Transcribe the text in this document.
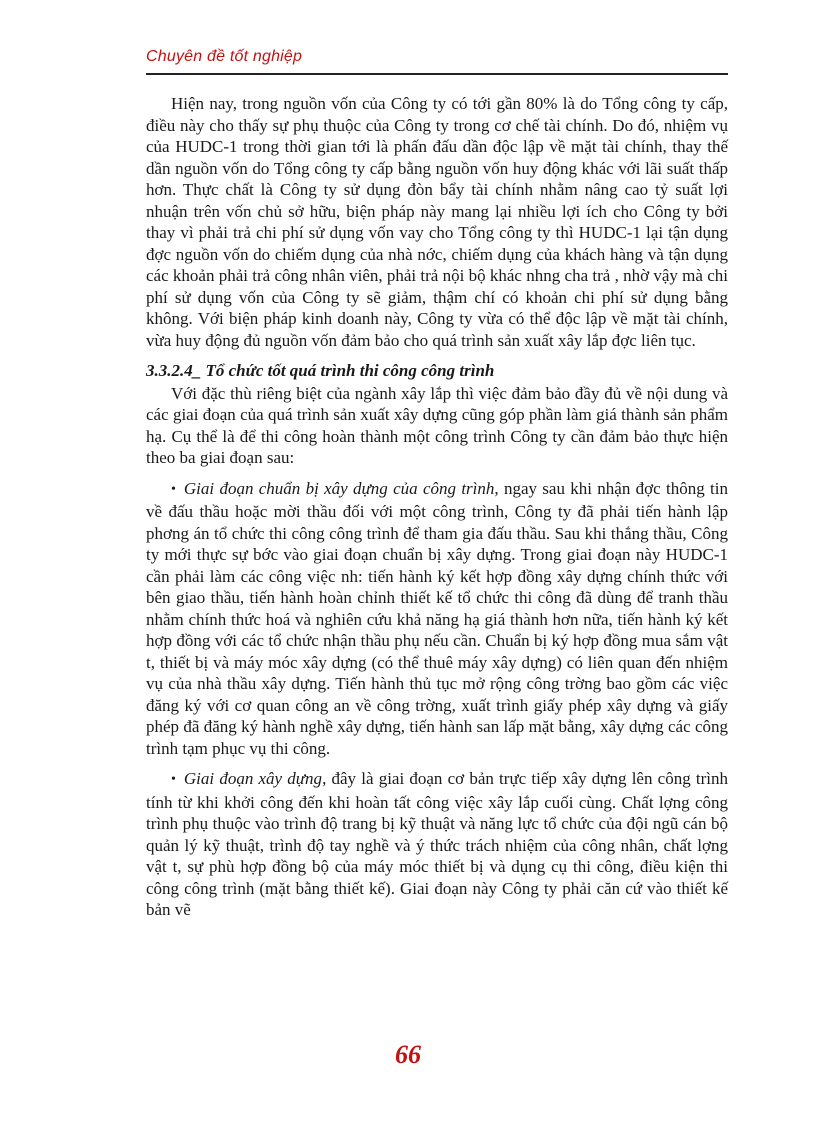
Chuyên đề tốt nghiệp

Hiện nay, trong nguồn vốn của Công ty có tới gần 80% là do Tổng công ty cấp, điều này cho thấy sự phụ thuộc của Công ty trong cơ chế tài chính. Do đó, nhiệm vụ của HUDC-1 trong thời gian tới là phấn đấu dần độc lập về mặt tài chính, thay thế dần nguồn vốn do Tổng công ty cấp bằng nguồn vốn huy động khác với lãi suất thấp hơn. Thực chất là Công ty sử dụng đòn bẩy tài chính nhằm nâng cao tỷ suất lợi nhuận trên vốn chủ sở hữu, biện pháp này mang lại nhiều lợi ích cho Công ty bởi thay vì phải trả chi phí sử dụng vốn vay cho Tổng công ty thì HUDC-1 lại tận dụng đợc nguồn vốn do chiếm dụng của nhà nớc, chiếm dụng của khách hàng và tận dụng các khoản phải trả công nhân viên, phải trả nội bộ khác nhng cha trả , nhờ vậy mà chi phí sử dụng vốn của Công ty sẽ giảm, thậm chí có khoản chi phí sử dụng bằng không. Với biện pháp kinh doanh này, Công ty vừa có thể độc lập về mặt tài chính, vừa huy động đủ nguồn vốn đảm bảo cho quá trình sản xuất xây lắp đợc liên tục.

3.3.2.4_ Tổ chức tốt quá trình thi công công trình

Với đặc thù riêng biệt của ngành xây lắp thì việc đảm bảo đầy đủ về nội dung và các giai đoạn của quá trình sản xuất xây dựng cũng góp phần làm giá thành sản phẩm hạ. Cụ thể là để thi công hoàn thành một công trình Công ty cần đảm bảo thực hiện theo ba giai đoạn sau:

• Giai đoạn chuẩn bị xây dựng của công trình, ngay sau khi nhận đợc thông tin về đấu thầu hoặc mời thầu đối với một công trình, Công ty đã phải tiến hành lập phơng án tổ chức thi công công trình để tham gia đấu thầu. Sau khi thắng thầu, Công ty mới thực sự bớc vào giai đoạn chuẩn bị xây dựng. Trong giai đoạn này HUDC-1 cần phải làm các công việc nh: tiến hành ký kết hợp đồng xây dựng chính thức với bên giao thầu, tiến hành hoàn chỉnh thiết kế tổ chức thi công đã dùng để tranh thầu nhằm chính thức hoá và nghiên cứu khả năng hạ giá thành hơn nữa, tiến hành ký kết hợp đồng với các tổ chức nhận thầu phụ nếu cần. Chuẩn bị ký hợp đồng mua sắm vật t, thiết bị và máy móc xây dựng (có thể thuê máy xây dựng) có liên quan đến nhiệm vụ của nhà thầu xây dựng. Tiến hành thủ tục mở rộng công trờng bao gồm các việc đăng ký với cơ quan công an về công trờng, xuất trình giấy phép xây dựng và giấy phép đã đăng ký hành nghề xây dựng, tiến hành san lấp mặt bằng, xây dựng các công trình tạm phục vụ thi công.

• Giai đoạn xây dựng, đây là giai đoạn cơ bản trực tiếp xây dựng lên công trình tính từ khi khởi công đến khi hoàn tất công việc xây lắp cuối cùng. Chất lợng công trình phụ thuộc vào trình độ trang bị kỹ thuật và năng lực tổ chức của đội ngũ cán bộ quản lý kỹ thuật, trình độ tay nghề và ý thức trách nhiệm của công nhân, chất lợng vật t, sự phù hợp đồng bộ của máy móc thiết bị và dụng cụ thi công, điều kiện thi công công trình (mặt bằng thiết kế). Giai đoạn này Công ty phải căn cứ vào thiết kế bản vẽ

66
